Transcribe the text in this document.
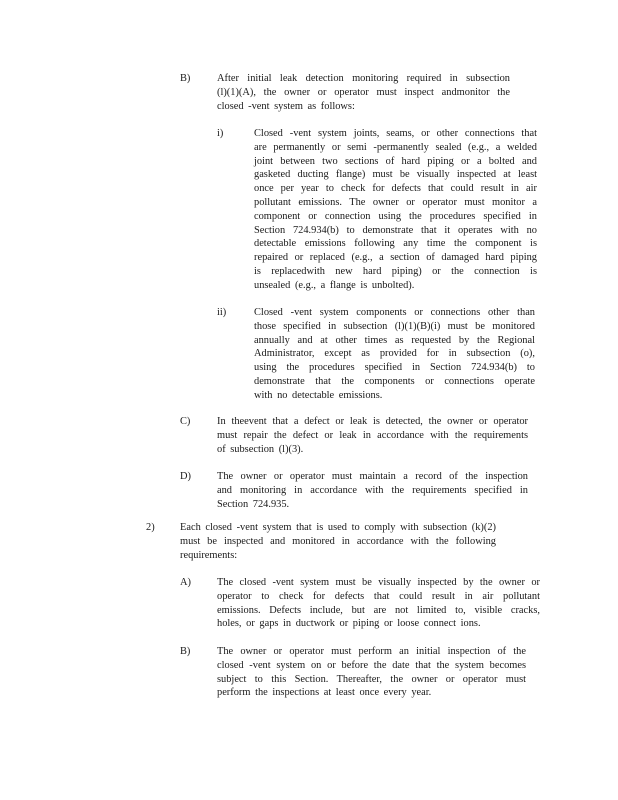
B)	After initial leak detection monitoring required in subsection
(l)(1)(A), the owner or operator must inspect andmonitor the
closed -vent system as follows:
i)	Closed -vent system joints, seams, or other connections that
are permanently or semi -permanently sealed (e.g., a welded
joint between two sections of hard piping or a bolted and
gasketed ducting flange) must be visually inspected at least
once per year to check for defects that could result in air
pollutant emissions. The owner or operator must monitor a
component or connection using the procedures specified in
Section 724.934(b) to demonstrate that it operates with no
detectable emissions following any time the component is
repaired or replaced (e.g., a section of damaged hard piping
is replacedwith new hard piping) or the connection is
unsealed (e.g., a flange is unbolted).
ii)	Closed -vent system components or connections other than
those specified in subsection (l)(1)(B)(i) must be monitored
annually and at other times as requested by the Regional
Administrator, except as provided for in subsection (o),
using the procedures specified in Section 724.934(b) to
demonstrate that the components or connections operate
with no detectable emissions.
C)	In theevent that a defect or leak is detected, the owner or operator
must repair the defect or leak in accordance with the requirements
of subsection (l)(3).
D)	The owner or operator must maintain a record of the inspection
and monitoring in accordance with the requirements specified in
Section 724.935.
2) Each closed -vent system that is used to comply with subsection (k)(2)
must be inspected and monitored in accordance with the following
requirements:
A)	The closed -vent system must be visually inspected by the owner or
operator to check for defects that could result in air pollutant
emissions. Defects include, but are not limited to, visible cracks,
holes, or gaps in ductwork or piping or loose connect ions.
B)	The owner or operator must perform an initial inspection of the
closed -vent system on or before the date that the system becomes
subject to this Section. Thereafter, the owner or operator must
perform the inspections at least once every year.
